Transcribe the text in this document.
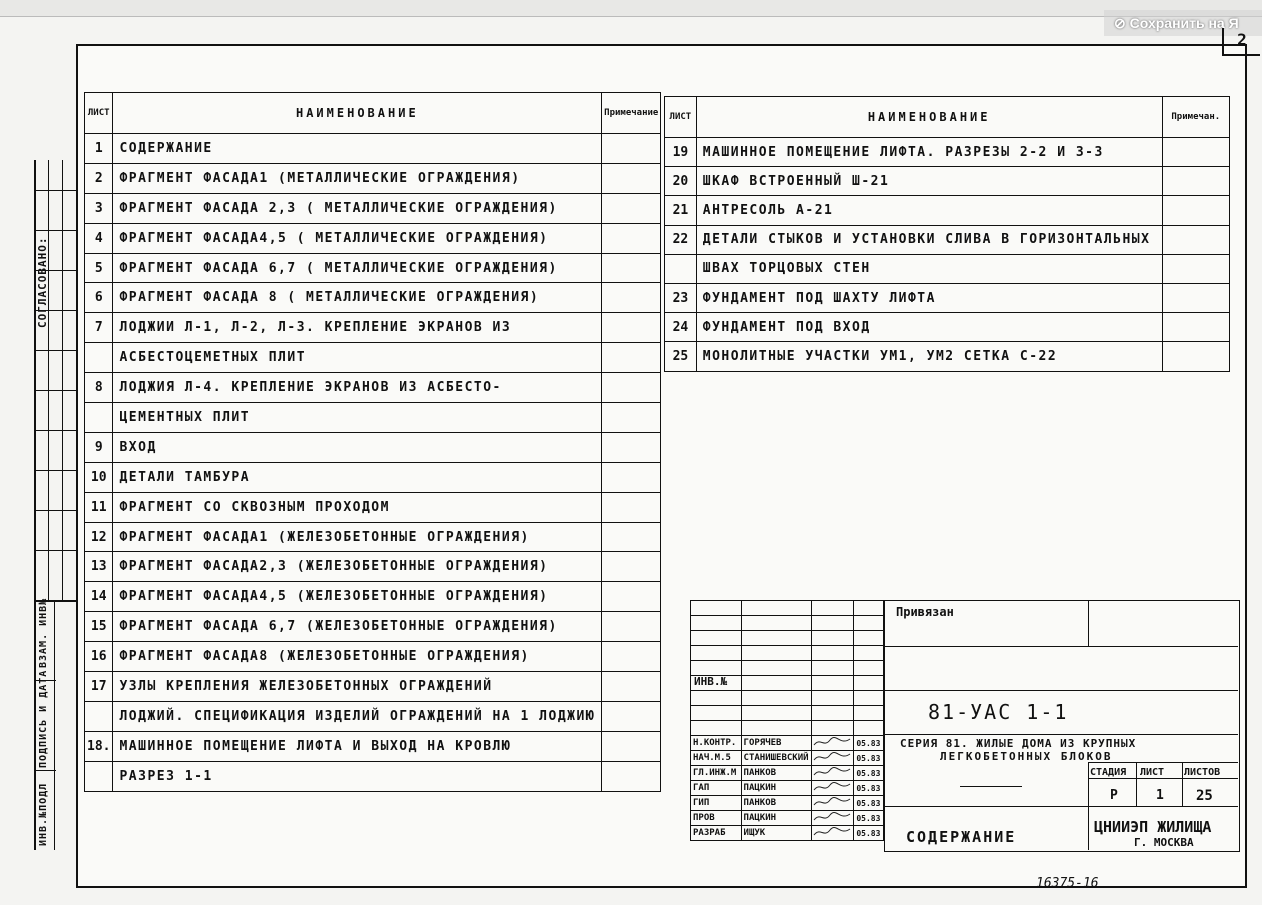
⊘ Сохранить на Я
2
СОГЛАСОВАНО:
ВЗАМ. ИНВ№
ПОДПИСЬ И ДАТА
ИНВ.№ПОДЛ
ЛИСТ	НАИМЕНОВАНИЕ	Примечание
1	СОДЕРЖАНИЕ	
2	ФРАГМЕНТ ФАСАДА1 (МЕТАЛЛИЧЕСКИЕ ОГРАЖДЕНИЯ)	
3	ФРАГМЕНТ ФАСАДА 2,3 ( МЕТАЛЛИЧЕСКИЕ ОГРАЖДЕНИЯ)	
4	ФРАГМЕНТ ФАСАДА4,5 ( МЕТАЛЛИЧЕСКИЕ ОГРАЖДЕНИЯ)	
5	ФРАГМЕНТ ФАСАДА 6,7 ( МЕТАЛЛИЧЕСКИЕ ОГРАЖДЕНИЯ)	
6	ФРАГМЕНТ ФАСАДА 8 ( МЕТАЛЛИЧЕСКИЕ ОГРАЖДЕНИЯ)	
7	ЛОДЖИИ Л-1, Л-2, Л-3. КРЕПЛЕНИЕ ЭКРАНОВ ИЗ	
	АСБЕСТОЦЕМЕТНЫХ ПЛИТ	
8	ЛОДЖИЯ Л-4. КРЕПЛЕНИЕ ЭКРАНОВ ИЗ АСБЕСТО-	
	ЦЕМЕНТНЫХ ПЛИТ	
9	ВХОД	
10	ДЕТАЛИ ТАМБУРА	
11	ФРАГМЕНТ СО СКВОЗНЫМ ПРОХОДОМ	
12	ФРАГМЕНТ ФАСАДА1 (ЖЕЛЕЗОБЕТОННЫЕ ОГРАЖДЕНИЯ)	
13	ФРАГМЕНТ ФАСАДА2,3 (ЖЕЛЕЗОБЕТОННЫЕ ОГРАЖДЕНИЯ)	
14	ФРАГМЕНТ ФАСАДА4,5 (ЖЕЛЕЗОБЕТОННЫЕ ОГРАЖДЕНИЯ)	
15	ФРАГМЕНТ ФАСАДА 6,7 (ЖЕЛЕЗОБЕТОННЫЕ ОГРАЖДЕНИЯ)	
16	ФРАГМЕНТ ФАСАДА8 (ЖЕЛЕЗОБЕТОННЫЕ ОГРАЖДЕНИЯ)	
17	УЗЛЫ КРЕПЛЕНИЯ ЖЕЛЕЗОБЕТОННЫХ ОГРАЖДЕНИЙ	
	ЛОДЖИЙ. СПЕЦИФИКАЦИЯ ИЗДЕЛИЙ ОГРАЖДЕНИЙ НА 1 ЛОДЖИЮ	
18.	МАШИННОЕ ПОМЕЩЕНИЕ ЛИФТА И ВЫХОД НА КРОВЛЮ	
	РАЗРЕЗ 1-1	
ЛИСТ	НАИМЕНОВАНИЕ	Примечан.
19	МАШИННОЕ ПОМЕЩЕНИЕ ЛИФТА. РАЗРЕЗЫ 2-2 И 3-3	
20	ШКАФ ВСТРОЕННЫЙ Ш-21	
21	АНТРЕСОЛЬ А-21	
22	ДЕТАЛИ СТЫКОВ И УСТАНОВКИ СЛИВА В ГОРИЗОНТАЛЬНЫХ	
	ШВАХ ТОРЦОВЫХ СТЕН	
23	ФУНДАМЕНТ ПОД ШАХТУ ЛИФТА	
24	ФУНДАМЕНТ ПОД ВХОД	
25	МОНОЛИТНЫЕ УЧАСТКИ УМ1, УМ2 СЕТКА С-22	

Н.КОНТР.	ГОРЯЧЕВ		05.83
НАЧ.М.5	СТАНИШЕВСКИЙ		05.83
ГЛ.ИНЖ.М	ПАНКОВ		05.83
ГАП	ПАЦКИН		05.83
ГИП	ПАНКОВ		05.83
ПРОВ	ПАЦКИН		05.83
РАЗРАБ	ИЩУК		05.83
Привязан
ИНВ.№
81-УАС 1-1
СЕРИЯ 81. ЖИЛЫЕ ДОМА ИЗ КРУПНЫХ
ЛЕГКОБЕТОННЫХ БЛОКОВ
СТАДИЯ ЛИСТ ЛИСТОВ
Р	1 25
СОДЕРЖАНИЕ
ЦНИИЭП ЖИЛИЩА
Г. МОСКВА
16375-16
